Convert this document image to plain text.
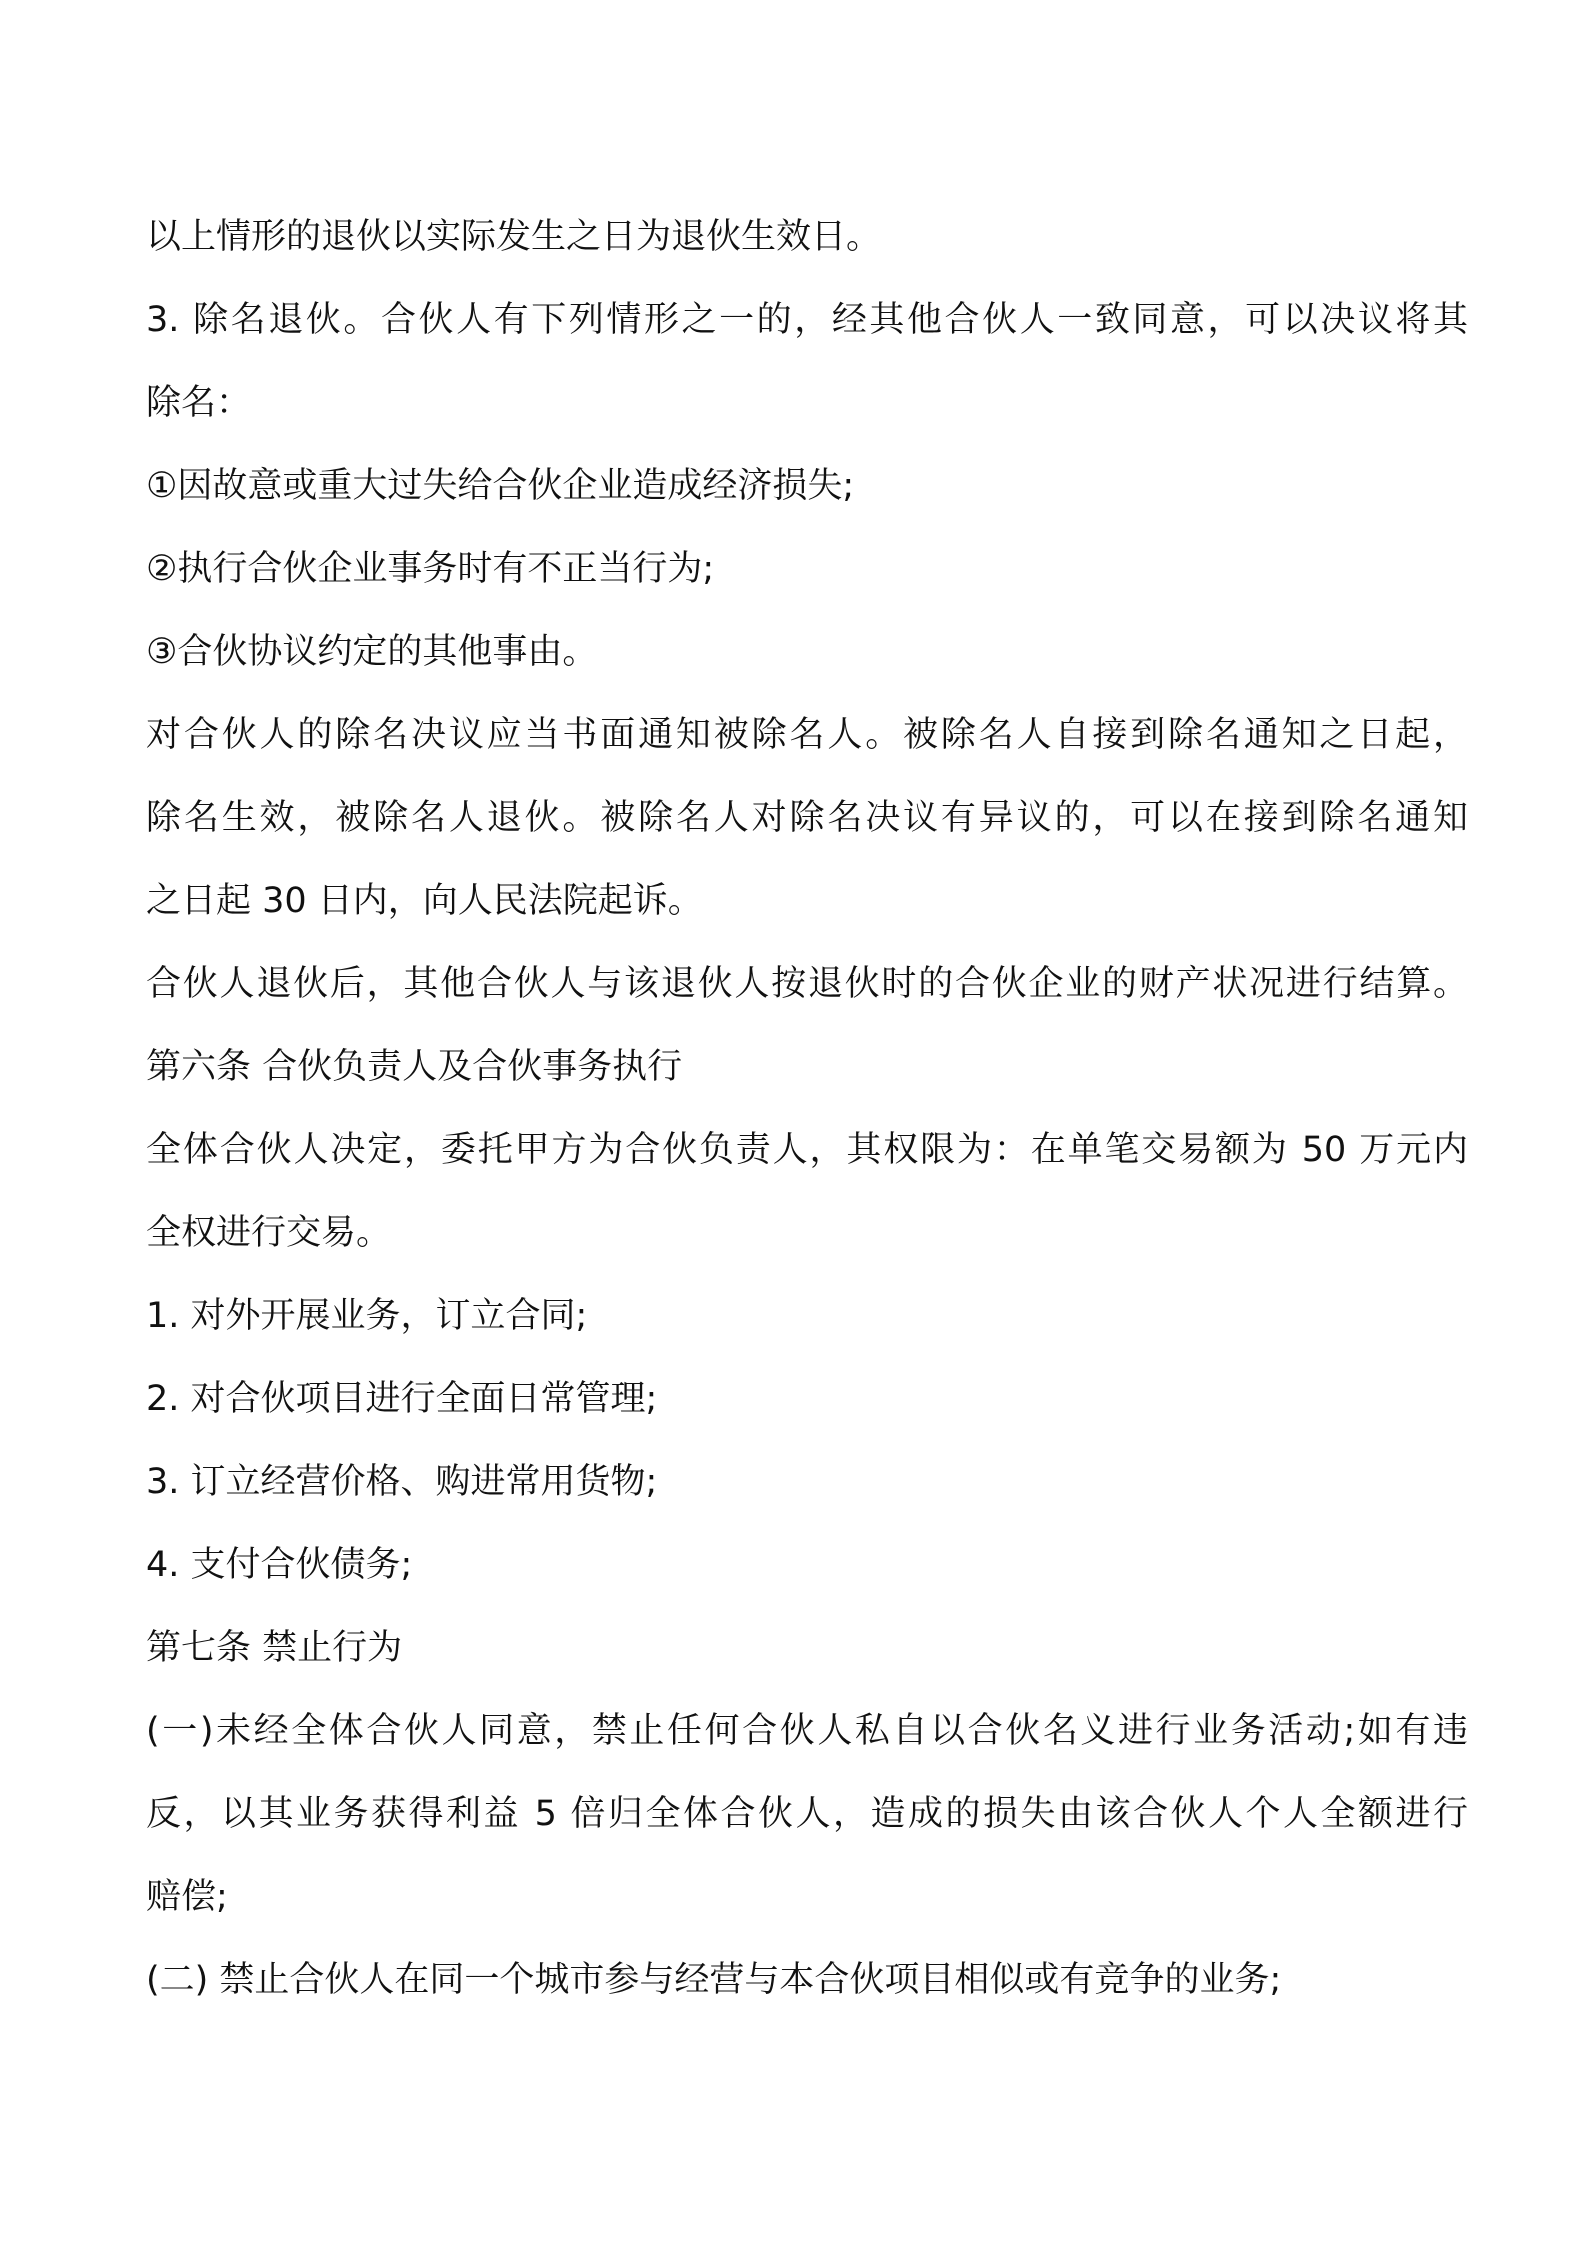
以上情形的退伙以实际发生之日为退伙生效日。
3. 除名退伙。合伙人有下列情形之一的，经其他合伙人一致同意，可以决议将其
除名：
①因故意或重大过失给合伙企业造成经济损失;
②执行合伙企业事务时有不正当行为;
③合伙协议约定的其他事由。
对合伙人的除名决议应当书面通知被除名人。被除名人自接到除名通知之日起，
除名生效，被除名人退伙。被除名人对除名决议有异议的，可以在接到除名通知
之日起 30 日内，向人民法院起诉。
合伙人退伙后，其他合伙人与该退伙人按退伙时的合伙企业的财产状况进行结算。
第六条 合伙负责人及合伙事务执行
全体合伙人决定，委托甲方为合伙负责人，其权限为：在单笔交易额为 50 万元内
全权进行交易。
1. 对外开展业务，订立合同;
2. 对合伙项目进行全面日常管理;
3. 订立经营价格、购进常用货物;
4. 支付合伙债务;
第七条 禁止行为
(一)未经全体合伙人同意，禁止任何合伙人私自以合伙名义进行业务活动;如有违
反，以其业务获得利益 5 倍归全体合伙人，造成的损失由该合伙人个人全额进行
赔偿;
(二) 禁止合伙人在同一个城市参与经营与本合伙项目相似或有竞争的业务;
